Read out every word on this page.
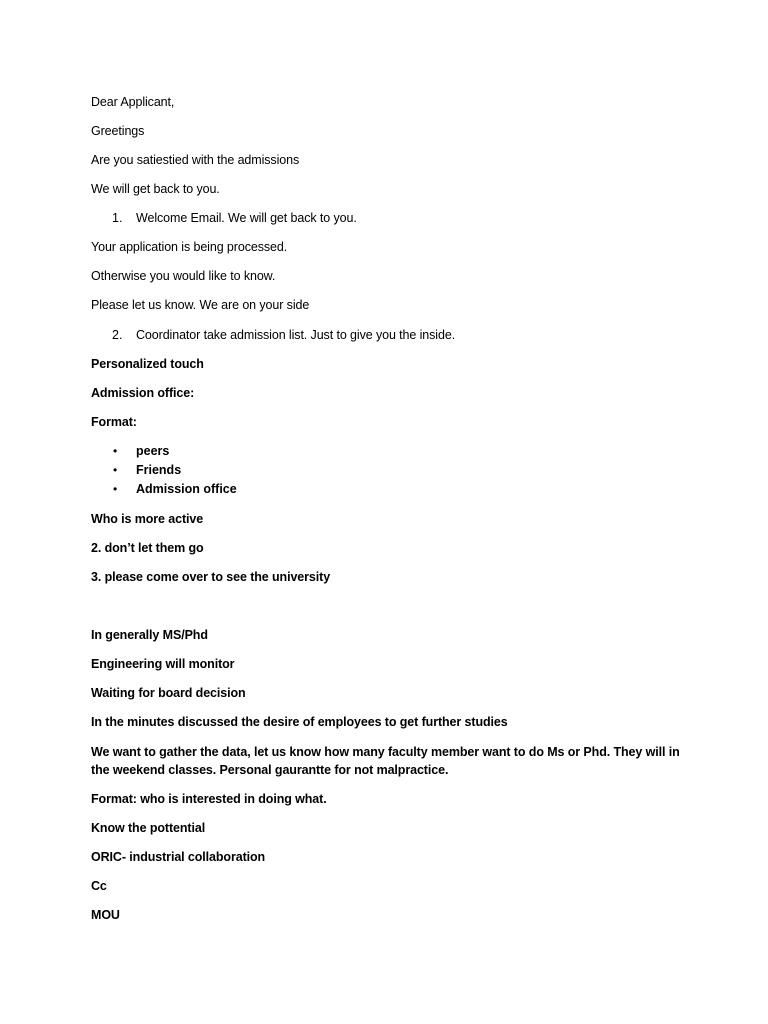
Dear Applicant,
Greetings
Are you satiestied with the admissions
We will get back to you.
1. Welcome Email. We will get back to you.
Your application is being processed.
Otherwise you would like to know.
Please let us know. We are on your side
2. Coordinator take admission list. Just to give you the inside.
Personalized touch
Admission office:
Format:
• peers
• Friends
• Admission office
Who is more active
2. don’t let them go
3. please come over to see the university
In generally MS/Phd
Engineering will monitor
Waiting for board decision
In the minutes discussed the desire of employees to get further studies
We want to gather the data, let us know how many faculty member want to do Ms or Phd. They will in the weekend classes. Personal gaurantte for not malpractice.
Format: who is interested in doing what.
Know the pottential
ORIC- industrial collaboration
Cc
MOU
